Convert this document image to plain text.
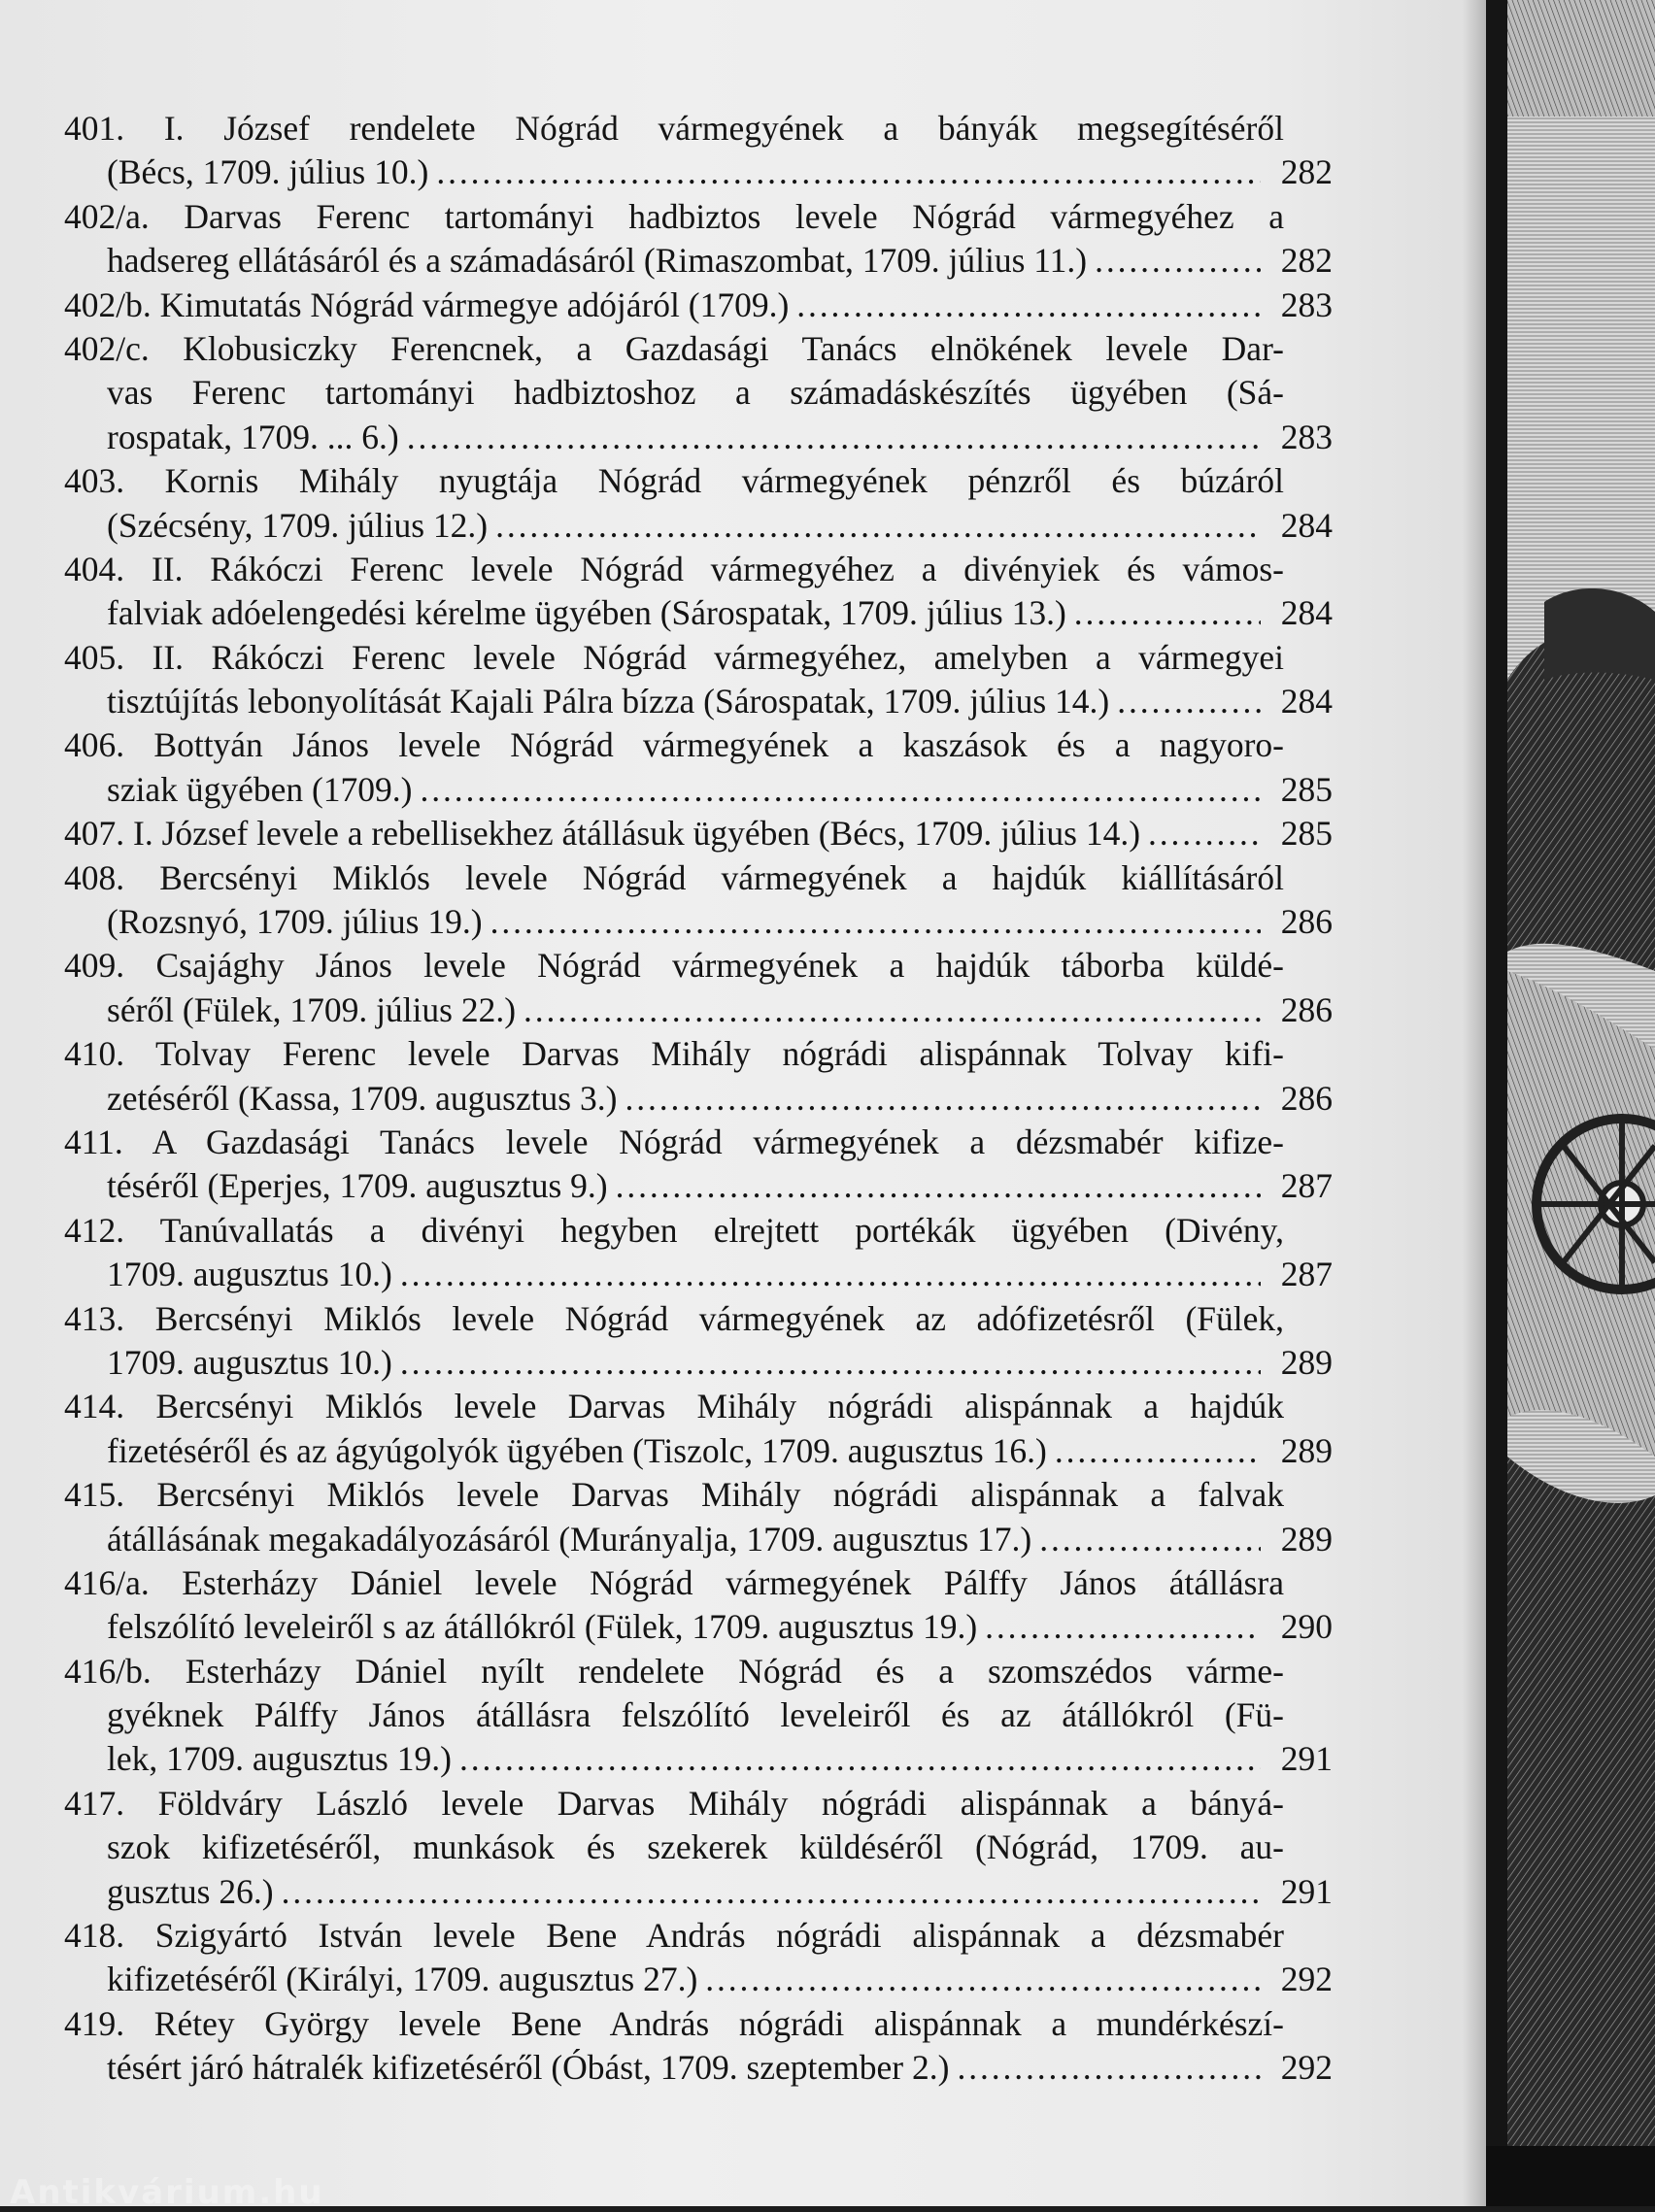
401. I. József rendelete Nógrád vármegyének a bányák megsegítéséről
(Bécs, 1709. július 10.) . . .	282
402/a. Darvas Ferenc tartományi hadbiztos levele Nógrád vármegyéhez a
hadsereg ellátásáról és a számadásáról (Rimaszombat, 1709. július 11.) . . .	282
402/b. Kimutatás Nógrád vármegye adójáról (1709.) . . .	283
402/c. Klobusiczky Ferencnek, a Gazdasági Tanács elnökének levele Dar-
vas Ferenc tartományi hadbiztoshoz a számadáskészítés ügyében (Sá-
rospatak, 1709. ... 6.) . . .	283
403. Kornis Mihály nyugtája Nógrád vármegyének pénzről és búzáról
(Szécsény, 1709. július 12.) . . .	284
404. II. Rákóczi Ferenc levele Nógrád vármegyéhez a divényiek és vámos-
falviak adóelengedési kérelme ügyében (Sárospatak, 1709. július 13.) . . .	284
405. II. Rákóczi Ferenc levele Nógrád vármegyéhez, amelyben a vármegyei
tisztújítás lebonyolítását Kajali Pálra bízza (Sárospatak, 1709. július 14.) . . .	284
406. Bottyán János levele Nógrád vármegyének a kaszások és a nagyoro-
sziak ügyében (1709.) . . .	285
407. I. József levele a rebellisekhez átállásuk ügyében (Bécs, 1709. július 14.) . . .	285
408. Bercsényi Miklós levele Nógrád vármegyének a hajdúk kiállításáról
(Rozsnyó, 1709. július 19.) . . .	286
409. Csajághy János levele Nógrád vármegyének a hajdúk táborba küldé-
séről (Fülek, 1709. július 22.) . . .	286
410. Tolvay Ferenc levele Darvas Mihály nógrádi alispánnak Tolvay kifi-
zetéséről (Kassa, 1709. augusztus 3.) . . .	286
411. A Gazdasági Tanács levele Nógrád vármegyének a dézsmabér kifize-
téséről (Eperjes, 1709. augusztus 9.) . . .	287
412. Tanúvallatás a divényi hegyben elrejtett portékák ügyében (Divény,
1709. augusztus 10.) . . .	287
413. Bercsényi Miklós levele Nógrád vármegyének az adófizetésről (Fülek,
1709. augusztus 10.) . . .	289
414. Bercsényi Miklós levele Darvas Mihály nógrádi alispánnak a hajdúk
fizetéséről és az ágyúgolyók ügyében (Tiszolc, 1709. augusztus 16.) . . .	289
415. Bercsényi Miklós levele Darvas Mihály nógrádi alispánnak a falvak
átállásának megakadályozásáról (Murányalja, 1709. augusztus 17.) . . .	289
416/a. Esterházy Dániel levele Nógrád vármegyének Pálffy János átállásra
felszólító leveleiről s az átállókról (Fülek, 1709. augusztus 19.) . . .	290
416/b. Esterházy Dániel nyílt rendelete Nógrád és a szomszédos várme-
gyéknek Pálffy János átállásra felszólító leveleiről és az átállókról (Fü-
lek, 1709. augusztus 19.) . . .	291
417. Földváry László levele Darvas Mihály nógrádi alispánnak a bányá-
szok kifizetéséről, munkások és szekerek küldéséről (Nógrád, 1709. au-
gusztus 26.) . . .	291
418. Szigyártó István levele Bene András nógrádi alispánnak a dézsmabér
kifizetéséről (Királyi, 1709. augusztus 27.) . . .	292
419. Rétey György levele Bene András nógrádi alispánnak a mundérkészí-
tésért járó hátralék kifizetéséről (Óbást, 1709. szeptember 2.) . . .	292
Antikvárium.hu
